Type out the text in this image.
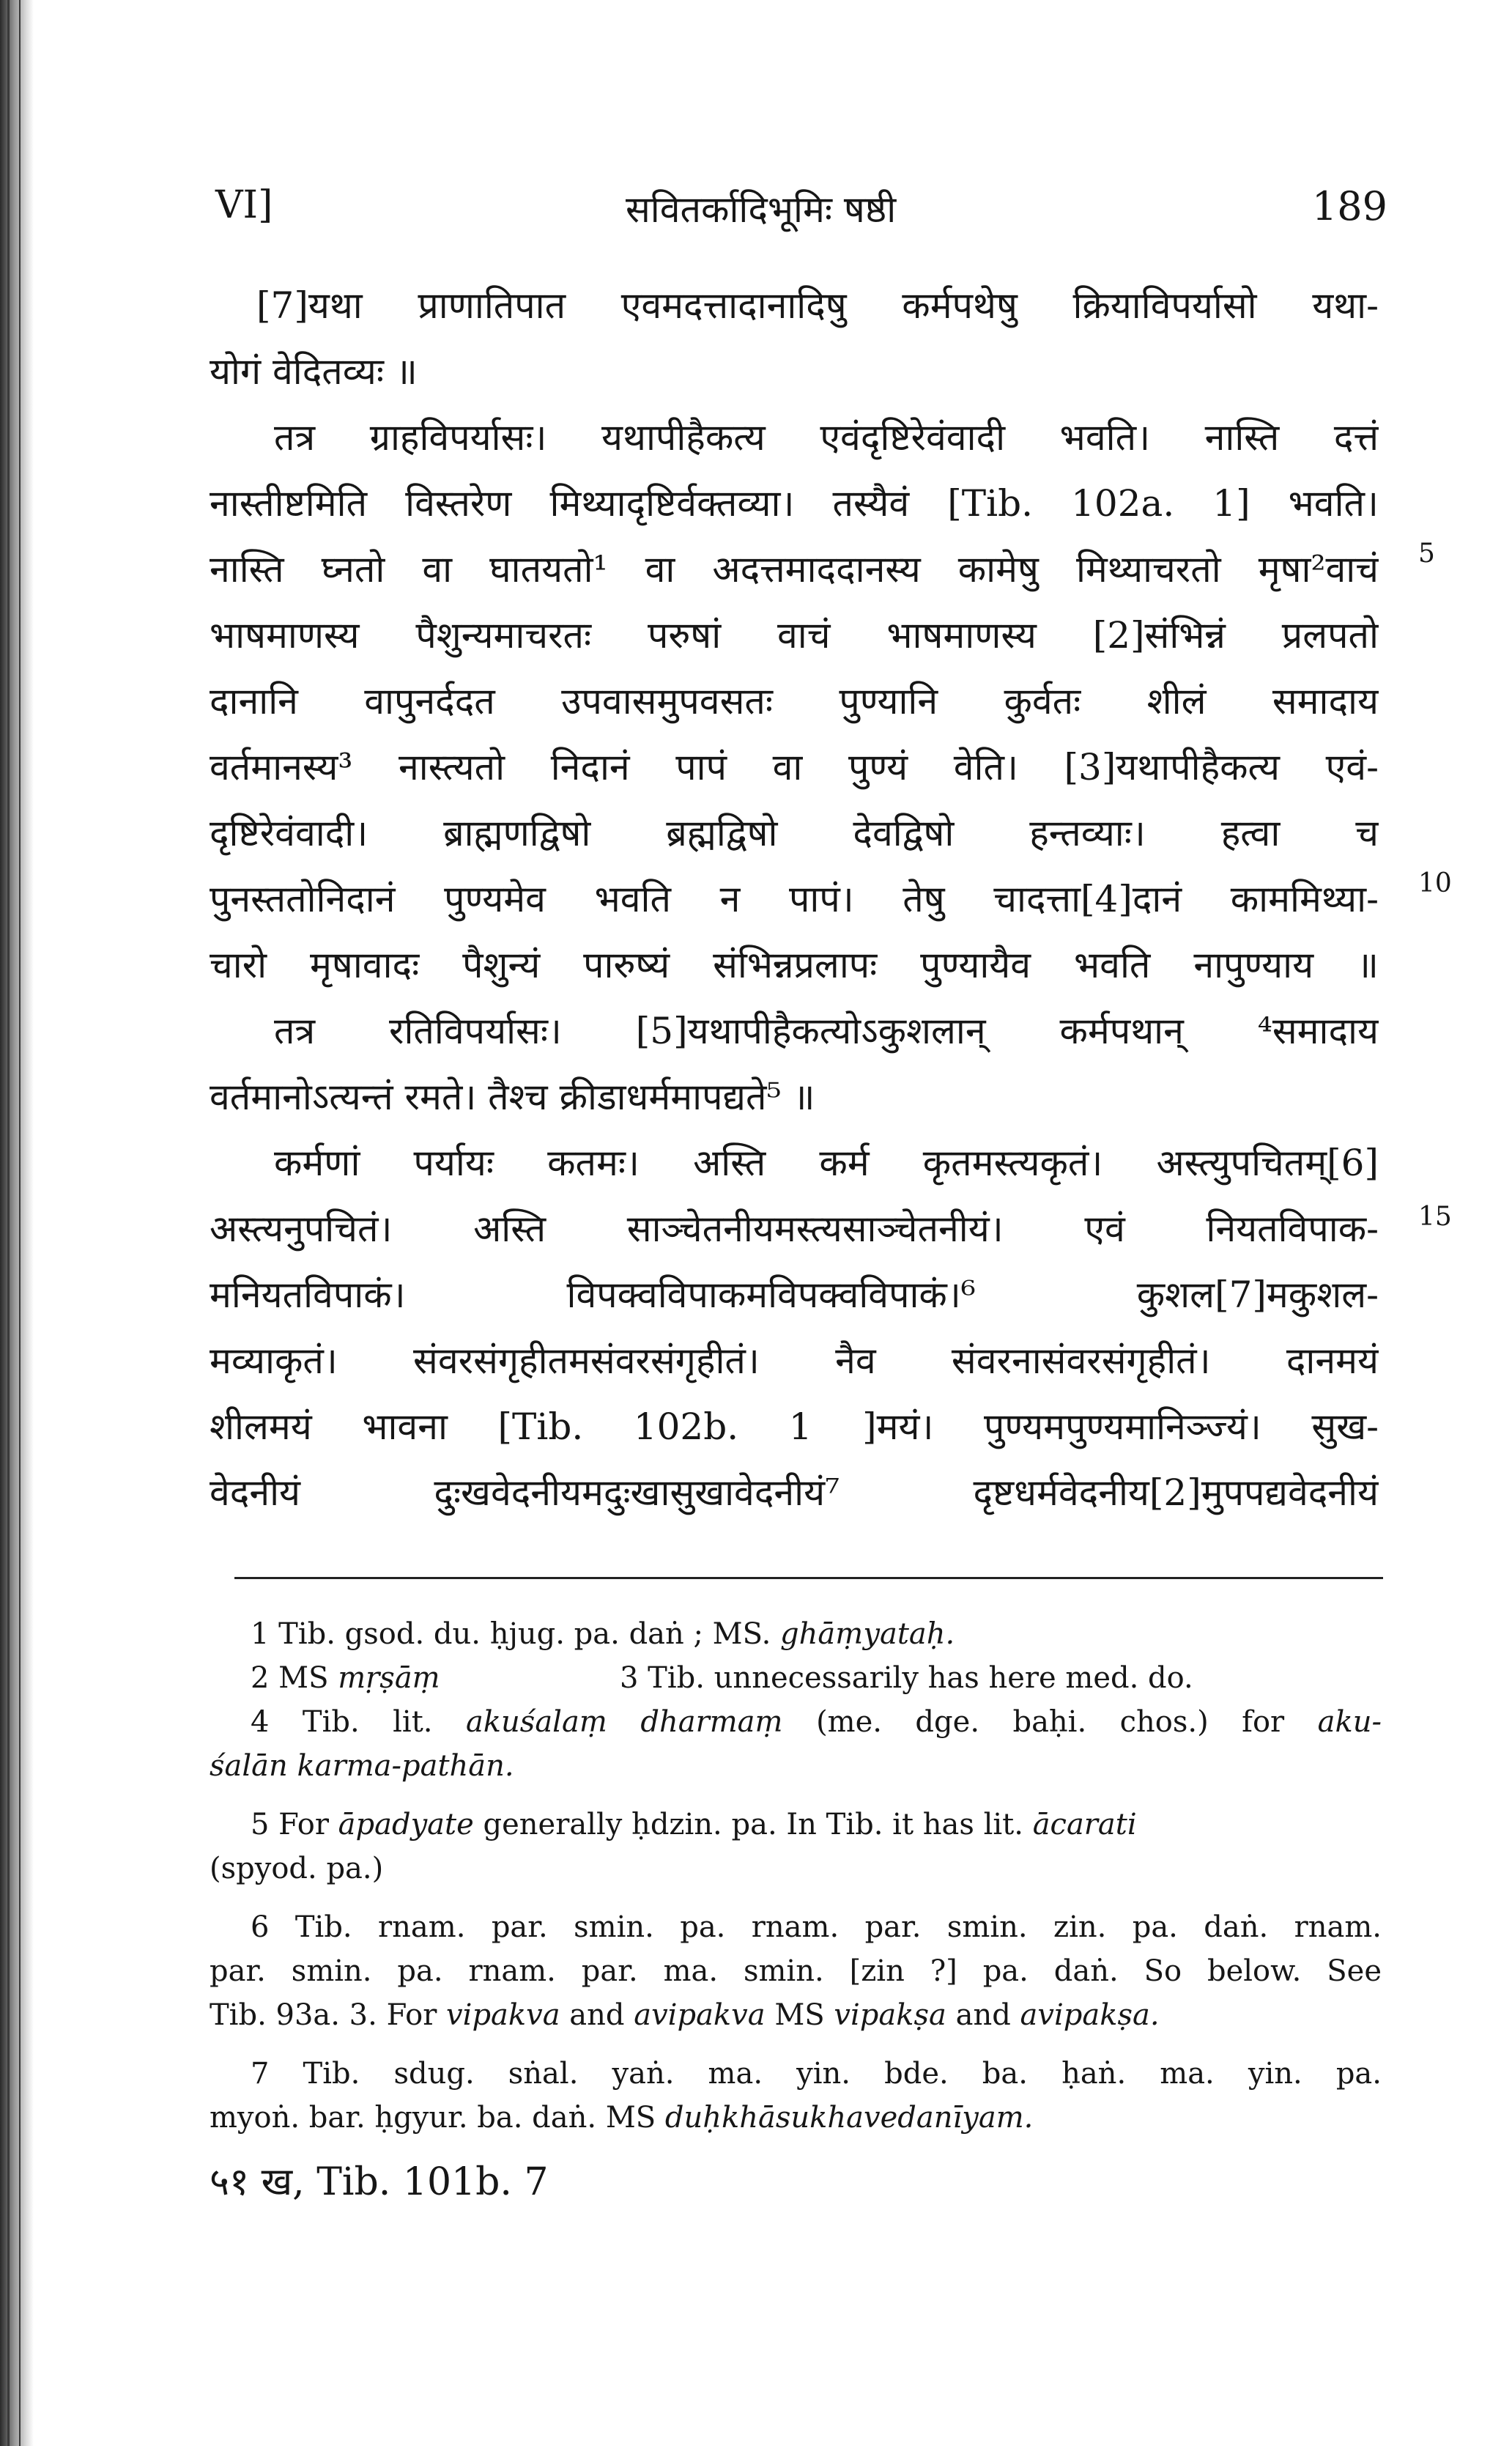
VI]	सवितर्कादिभूमिः षष्ठी	189
[7]यथा प्राणातिपात एवमदत्तादानादिषु कर्मपथेषु क्रियाविपर्यासो यथा-
योगं वेदितव्यः ॥
तत्र ग्राहविपर्यासः। यथापीहैकत्य एवंदृष्टिरेवंवादी भवति। नास्ति दत्तं
नास्तीष्टमिति विस्तरेण मिथ्यादृष्टिर्वक्तव्या। तस्यैवं [Tib. 102a. 1] भवति।
नास्ति घ्नतो वा घातयतो¹ वा अदत्तमाददानस्य कामेषु मिथ्याचरतो मृषा²वाचं
भाषमाणस्य पैशुन्यमाचरतः परुषां वाचं भाषमाणस्य [2]संभिन्नं प्रलपतो
दानानि वापुनर्ददत उपवासमुपवसतः पुण्यानि कुर्वतः शीलं समादाय
वर्तमानस्य³ नास्त्यतो निदानं पापं वा पुण्यं वेति। [3]यथापीहैकत्य एवं-
दृष्टिरेवंवादी। ब्राह्मणद्विषो ब्रह्मद्विषो देवद्विषो हन्तव्याः। हत्वा च
पुनस्ततोनिदानं पुण्यमेव भवति न पापं। तेषु चादत्ता[4]दानं काममिथ्या-
चारो मृषावादः पैशुन्यं पारुष्यं संभिन्नप्रलापः पुण्यायैव भवति नापुण्याय ॥
तत्र रतिविपर्यासः। [5]यथापीहैकत्योऽकुशलान् कर्मपथान् ⁴समादाय
वर्तमानोऽत्यन्तं रमते। तैश्च क्रीडाधर्ममापद्यते⁵ ॥
कर्मणां पर्यायः कतमः। अस्ति कर्म कृतमस्त्यकृतं। अस्त्युपचितम्[6]
अस्त्यनुपचितं। अस्ति साञ्चेतनीयमस्त्यसाञ्चेतनीयं। एवं नियतविपाक-
मनियतविपाकं। विपक्वविपाकमविपक्वविपाकं।⁶ कुशल[7]मकुशल-
मव्याकृतं। संवरसंगृहीतमसंवरसंगृहीतं। नैव संवरनासंवरसंगृहीतं। दानमयं
शीलमयं भावना [Tib. 102b. 1 ]मयं। पुण्यमपुण्यमानिञ्ज्यं। सुख-
वेदनीयं दुःखवेदनीयमदुःखासुखावेदनीयं⁷ दृष्टधर्मवेदनीय[2]मुपपद्यवेदनीयं
5
10
15
1 Tib. gsod. du. ḥjug. pa. daṅ ; MS. ghāṃyataḥ.
2 MS mṛṣāṃ	3 Tib. unnecessarily has here med. do.
4 Tib. lit. akuśalaṃ dharmaṃ (me. dge. baḥi. chos.) for aku-
śalān karma-pathān.
5 For āpadyate generally ḥdzin. pa. In Tib. it has lit. ācarati
(spyod. pa.)
6 Tib. rnam. par. smin. pa. rnam. par. smin. zin. pa. daṅ. rnam.
par. smin. pa. rnam. par. ma. smin. [zin ?] pa. daṅ. So below. See
Tib. 93a. 3. For vipakva and avipakva MS vipakṣa and avipakṣa.
7 Tib. sdug. sṅal. yaṅ. ma. yin. bde. ba. ḥaṅ. ma. yin. pa.
myoṅ. bar. ḥgyur. ba. daṅ. MS duḥkhāsukhavedanīyam.
५१ ख, Tib. 101b. 7
